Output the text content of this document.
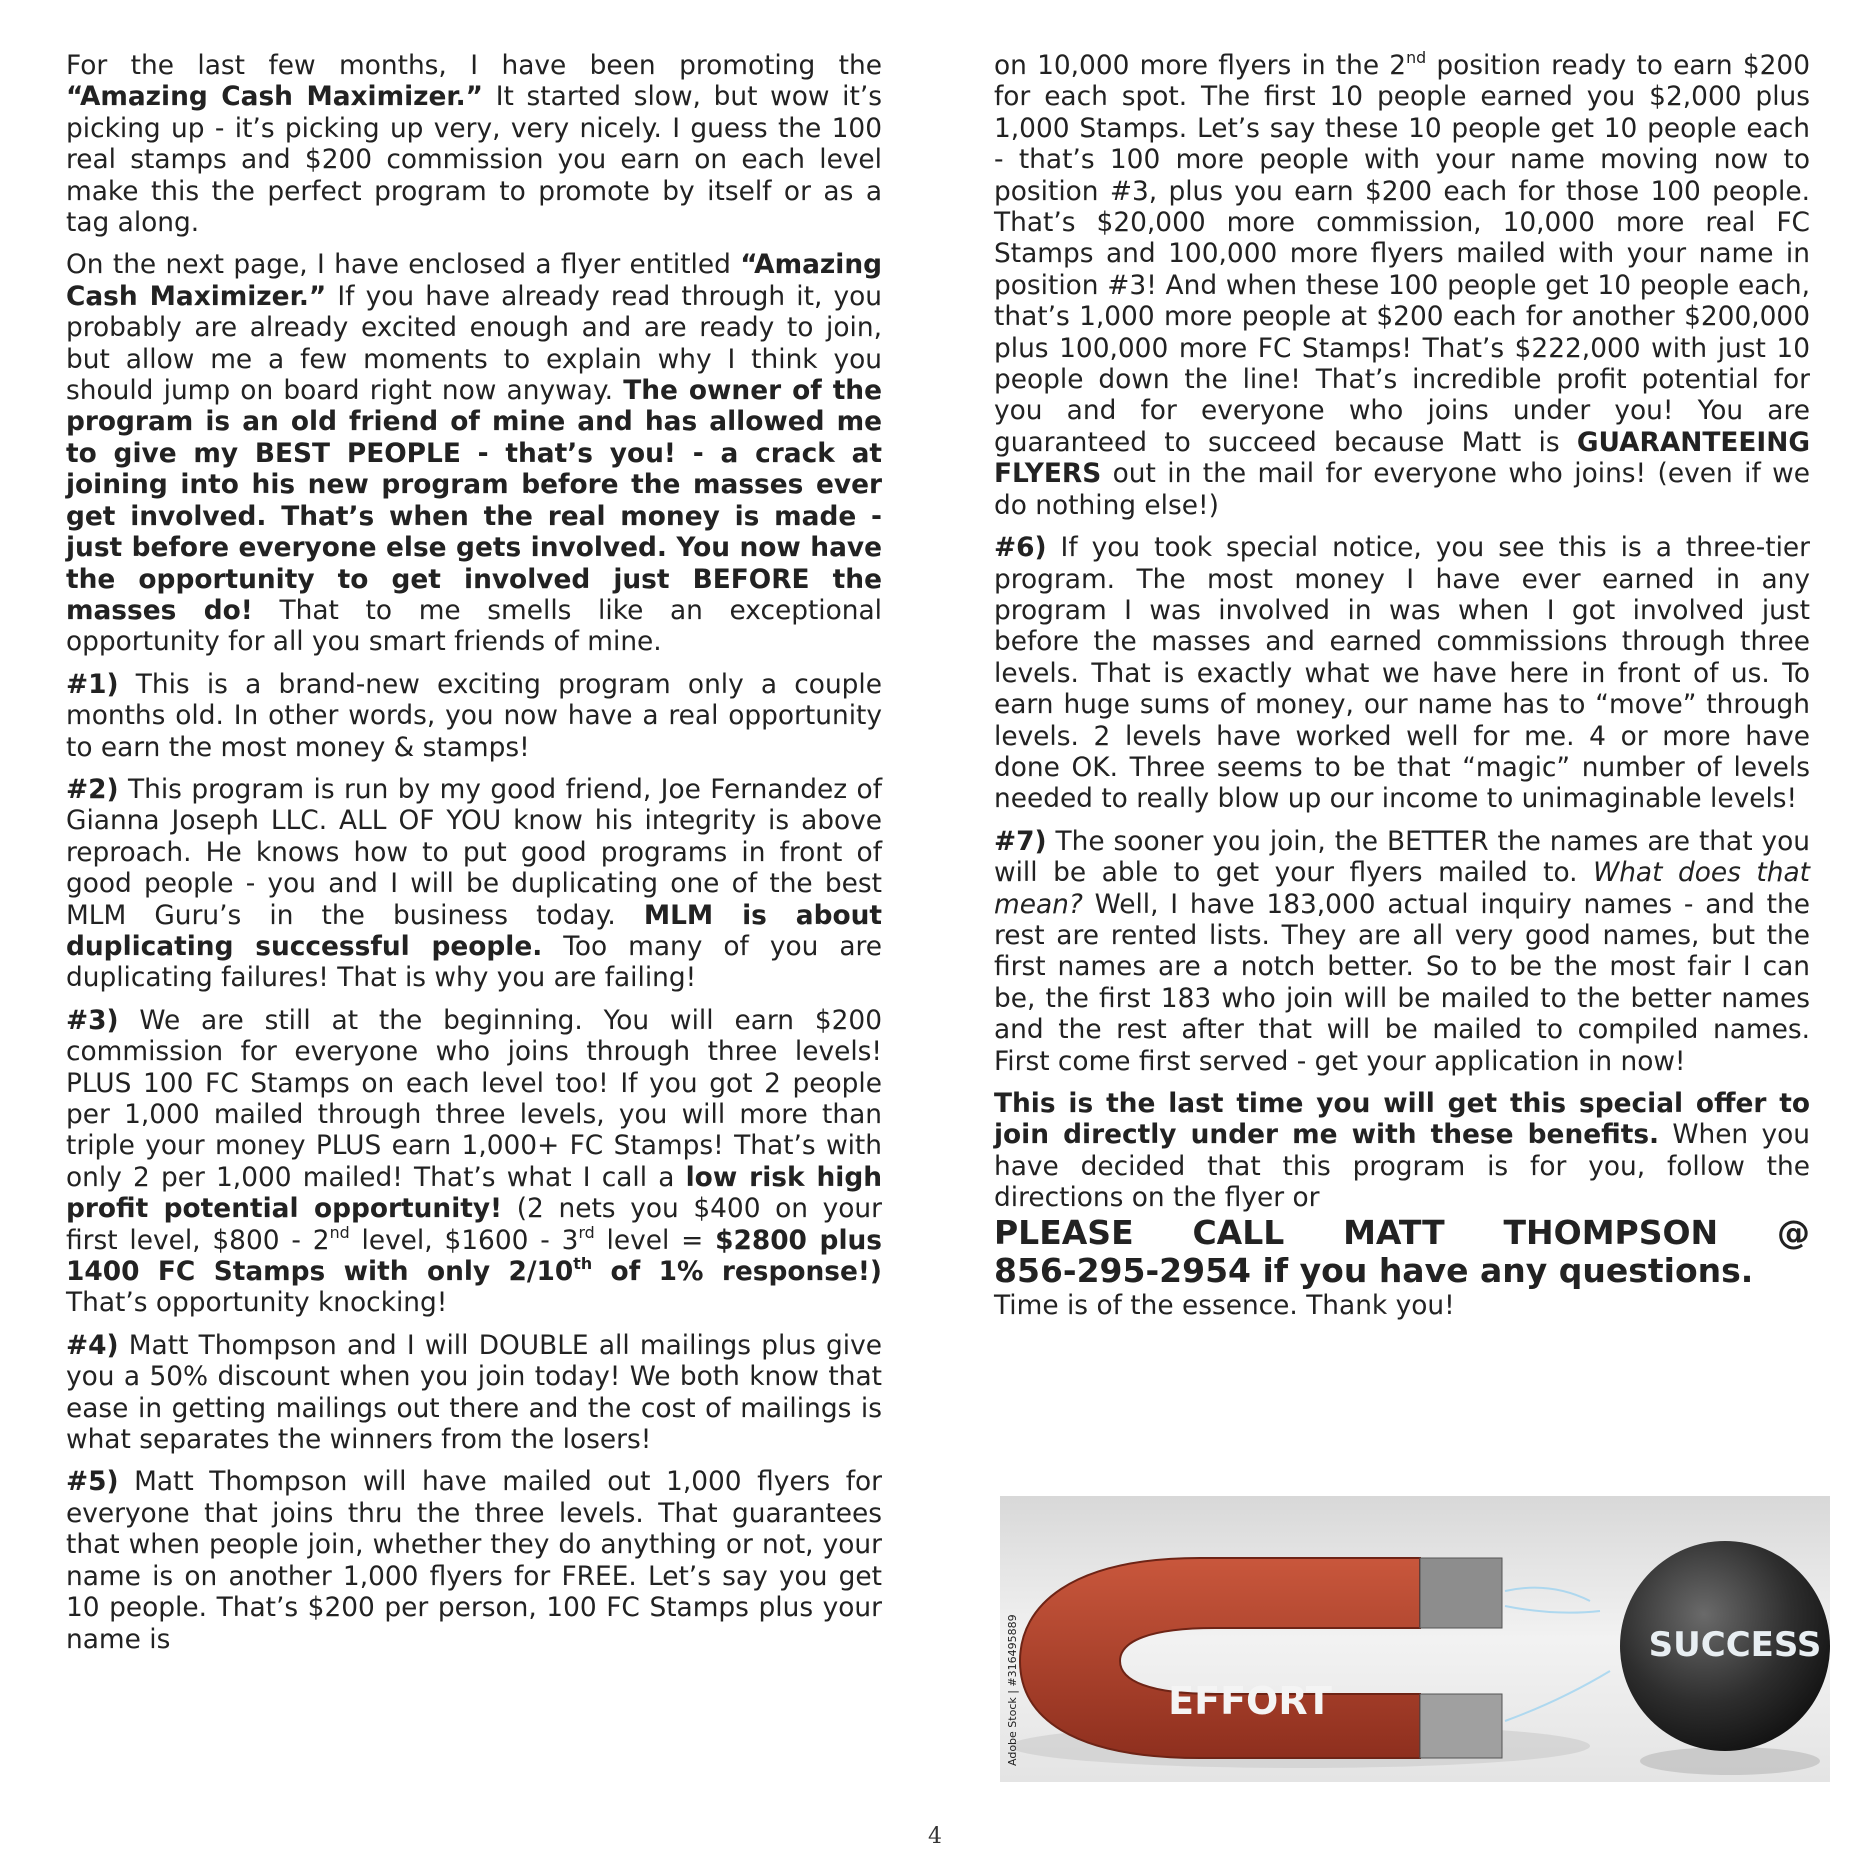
For the last few months, I have been promoting the “Amazing Cash Maximizer.” It started slow, but wow it’s picking up - it’s picking up very, very nicely. I guess the 100 real stamps and $200 commission you earn on each level make this the perfect program to promote by itself or as a tag along.

On the next page, I have enclosed a flyer entitled “Amazing Cash Maximizer.” If you have already read through it, you probably are already excited enough and are ready to join, but allow me a few moments to explain why I think you should jump on board right now anyway. The owner of the program is an old friend of mine and has allowed me to give my BEST PEOPLE - that’s you! - a crack at joining into his new program before the masses ever get involved. That’s when the real money is made - just before everyone else gets involved. You now have the opportunity to get involved just BEFORE the masses do! That to me smells like an exceptional opportunity for all you smart friends of mine.

#1) This is a brand-new exciting program only a couple months old. In other words, you now have a real opportunity to earn the most money & stamps!

#2) This program is run by my good friend, Joe Fernandez of Gianna Joseph LLC. ALL OF YOU know his integrity is above reproach. He knows how to put good programs in front of good people - you and I will be duplicating one of the best MLM Guru’s in the business today. MLM is about duplicating successful people. Too many of you are duplicating failures! That is why you are failing!

#3) We are still at the beginning. You will earn $200 commission for everyone who joins through three levels! PLUS 100 FC Stamps on each level too! If you got 2 people per 1,000 mailed through three levels, you will more than triple your money PLUS earn 1,000+ FC Stamps! That’s with only 2 per 1,000 mailed! That’s what I call a low risk high profit potential opportunity! (2 nets you $400 on your first level, $800 - 2nd level, $1600 - 3rd level = $2800 plus 1400 FC Stamps with only 2/10th of 1% response!) That’s opportunity knocking!

#4) Matt Thompson and I will DOUBLE all mailings plus give you a 50% discount when you join today! We both know that ease in getting mailings out there and the cost of mailings is what separates the winners from the losers!

#5) Matt Thompson will have mailed out 1,000 flyers for everyone that joins thru the three levels. That guarantees that when people join, whether they do anything or not, your name is on another 1,000 flyers for FREE. Let’s say you get 10 people. That’s $200 per person, 100 FC Stamps plus your name is

on 10,000 more flyers in the 2nd position ready to earn $200 for each spot. The first 10 people earned you $2,000 plus 1,000 Stamps. Let’s say these 10 people get 10 people each - that’s 100 more people with your name moving now to position #3, plus you earn $200 each for those 100 people. That’s $20,000 more commission, 10,000 more real FC Stamps and 100,000 more flyers mailed with your name in position #3! And when these 100 people get 10 people each, that’s 1,000 more people at $200 each for another $200,000 plus 100,000 more FC Stamps! That’s $222,000 with just 10 people down the line! That’s incredible profit potential for you and for everyone who joins under you! You are guaranteed to succeed because Matt is GUARANTEEING FLYERS out in the mail for everyone who joins! (even if we do nothing else!)

#6) If you took special notice, you see this is a three-tier program. The most money I have ever earned in any program I was involved in was when I got involved just before the masses and earned commissions through three levels. That is exactly what we have here in front of us. To earn huge sums of money, our name has to “move” through levels. 2 levels have worked well for me. 4 or more have done OK. Three seems to be that “magic” number of levels needed to really blow up our income to unimaginable levels!

#7) The sooner you join, the BETTER the names are that you will be able to get your flyers mailed to. What does that mean? Well, I have 183,000 actual inquiry names - and the rest are rented lists. They are all very good names, but the first names are a notch better. So to be the most fair I can be, the first 183 who join will be mailed to the better names and the rest after that will be mailed to compiled names. First come first served - get your application in now!

This is the last time you will get this special offer to join directly under me with these benefits. When you have decided that this program is for you, follow the directions on the flyer or

PLEASE CALL MATT THOMPSON @
856-295-2954 if you have any questions.
Time is of the essence. Thank you!
EFFORT
SUCCESS
Adobe Stock | #316495889
4
